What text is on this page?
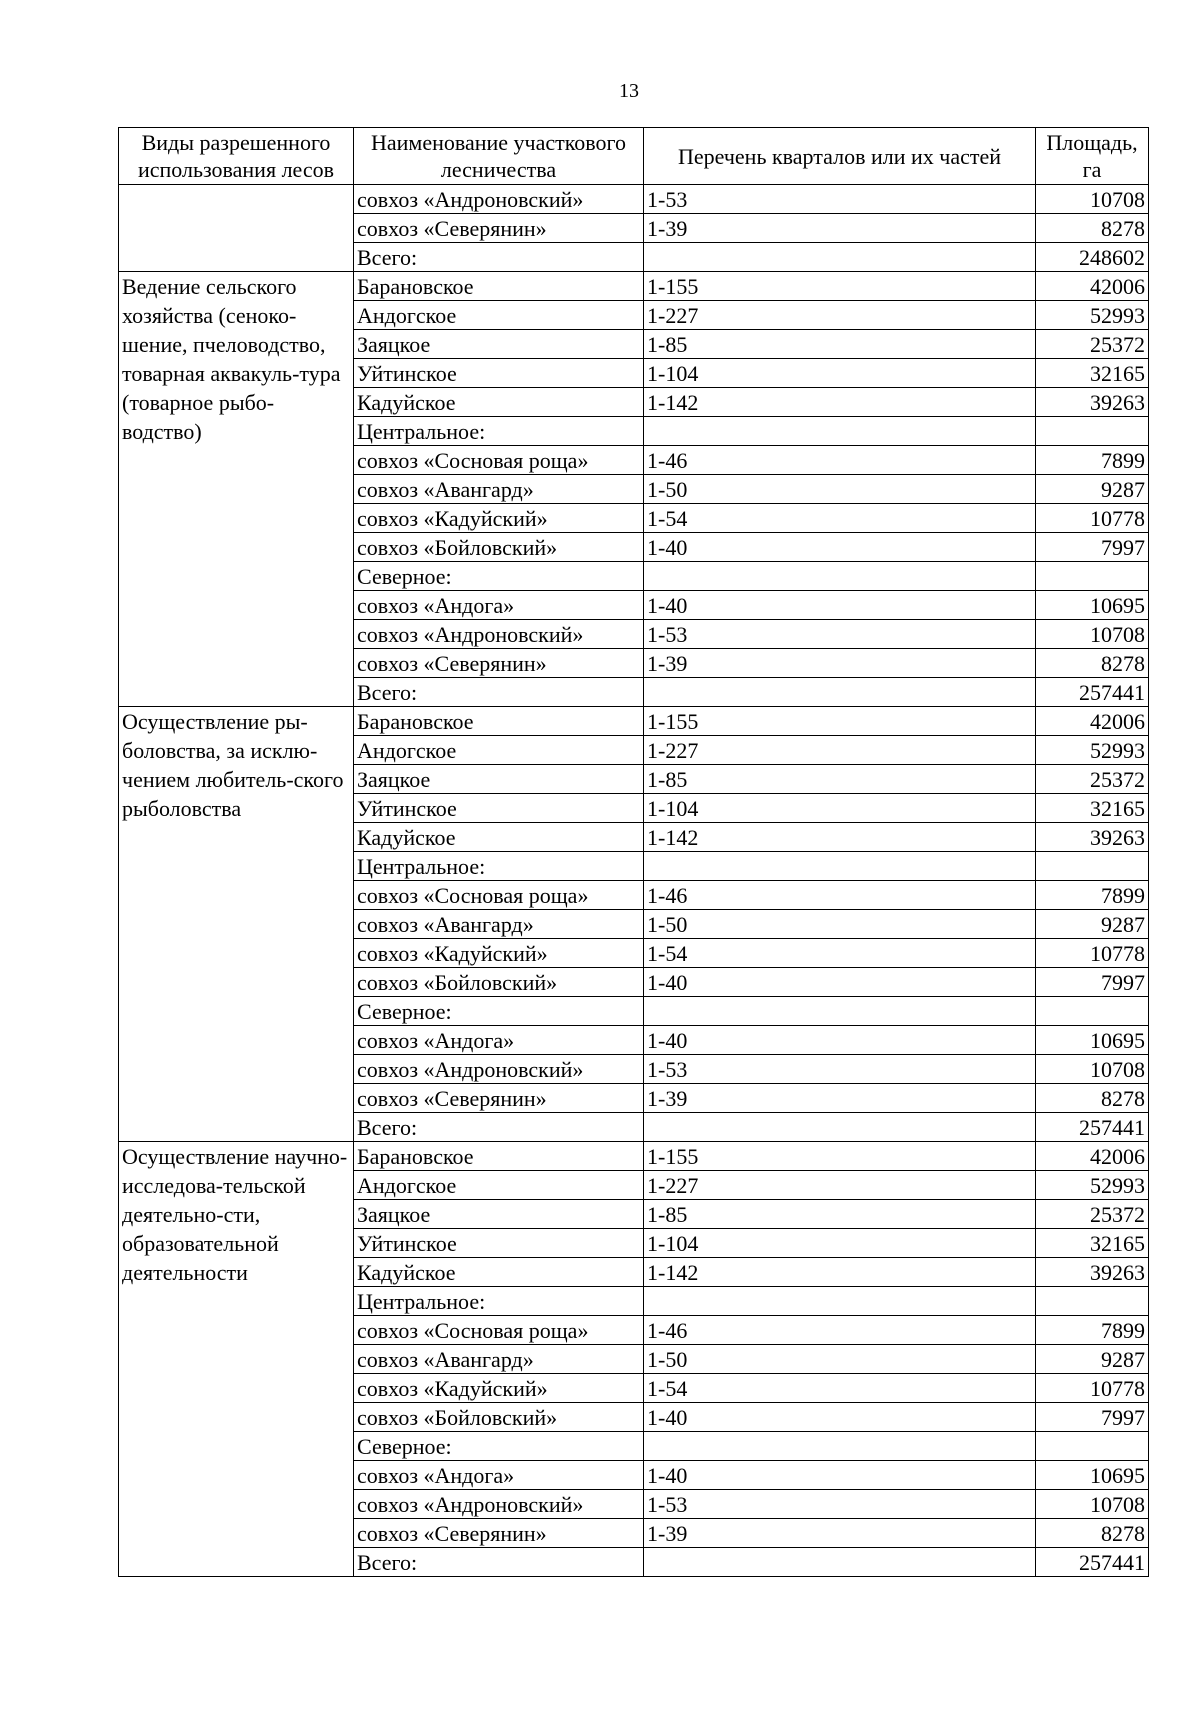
13
Виды разрешенного использования лесов	Наименование участкового лесничества	Перечень кварталов или их частей	Площадь, га
	совхоз «Андроновский»	1-53	10708
	совхоз «Северянин»	1-39	8278
	Всего:		248602
Ведение сельского хозяйства (сеноко-шение, пчеловодство, товарная аквакуль-тура (товарное рыбо-водство)	Барановское	1-155	42006
	Андогское	1-227	52993
	Заяцкое	1-85	25372
	Уйтинское	1-104	32165
	Кадуйское	1-142	39263
	Центральное:		
	совхоз «Сосновая роща»	1-46	7899
	совхоз «Авангард»	1-50	9287
	совхоз «Кадуйский»	1-54	10778
	совхоз «Бойловский»	1-40	7997
	Северное:		
	совхоз «Андога»	1-40	10695
	совхоз «Андроновский»	1-53	10708
	совхоз «Северянин»	1-39	8278
	Всего:		257441
Осуществление ры-боловства, за исклю-чением любитель-ского рыболовства	Барановское	1-155	42006
	Андогское	1-227	52993
	Заяцкое	1-85	25372
	Уйтинское	1-104	32165
	Кадуйское	1-142	39263
	Центральное:		
	совхоз «Сосновая роща»	1-46	7899
	совхоз «Авангард»	1-50	9287
	совхоз «Кадуйский»	1-54	10778
	совхоз «Бойловский»	1-40	7997
	Северное:		
	совхоз «Андога»	1-40	10695
	совхоз «Андроновский»	1-53	10708
	совхоз «Северянин»	1-39	8278
	Всего:		257441
Осуществление научно-исследова-тельской деятельно-сти, образовательной деятельности	Барановское	1-155	42006
	Андогское	1-227	52993
	Заяцкое	1-85	25372
	Уйтинское	1-104	32165
	Кадуйское	1-142	39263
	Центральное:		
	совхоз «Сосновая роща»	1-46	7899
	совхоз «Авангард»	1-50	9287
	совхоз «Кадуйский»	1-54	10778
	совхоз «Бойловский»	1-40	7997
	Северное:		
	совхоз «Андога»	1-40	10695
	совхоз «Андроновский»	1-53	10708
	совхоз «Северянин»	1-39	8278
	Всего:		257441
